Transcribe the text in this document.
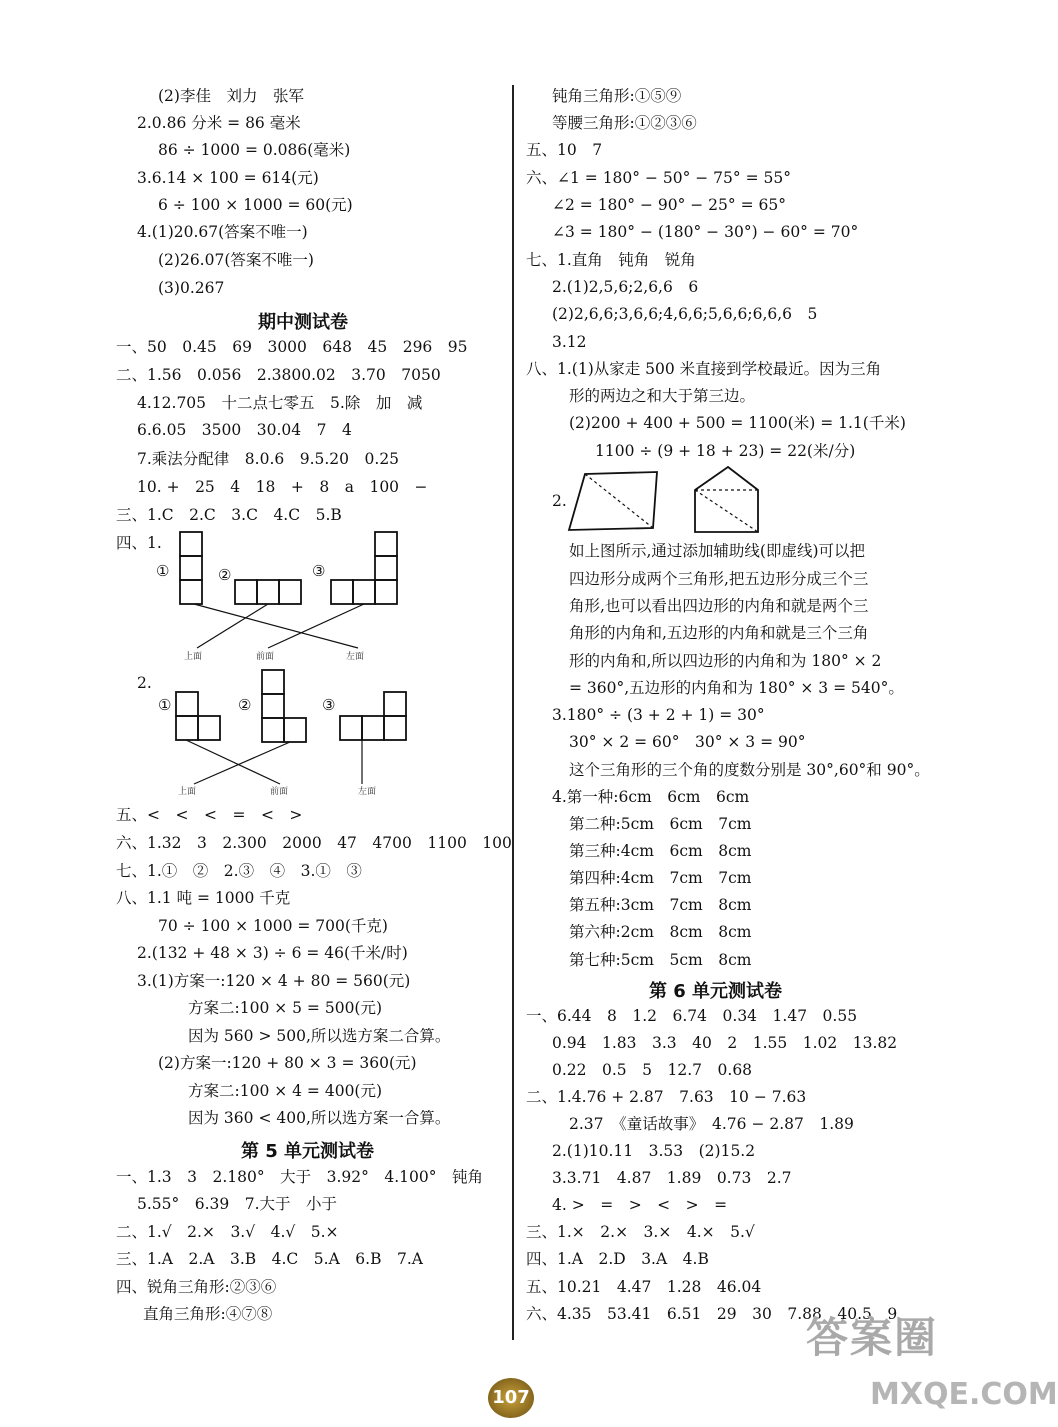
(2)李佳　刘力　张军
2.0.86 分米 = 86 毫米
86 ÷ 1000 = 0.086(毫米)
3.6.14 × 100 = 614(元)
6 ÷ 100 × 1000 = 60(元)
4.(1)20.67(答案不唯一)
(2)26.07(答案不唯一)
(3)0.267
期中测试卷
一、50　0.45　69　3000　648　45　296　95
二、1.56　0.056　2.3800.02　3.70　7050
4.12.705　十二点七零五　5.除　加　减
6.6.05　3500　30.04　7　4
7.乘法分配律　8.0.6　9.5.20　0.25
10. +　25　4　18　+　8　a　100　−
三、1.C　2.C　3.C　4.C　5.B
四、1.
①	②	③
上面	前面	左面
2.
①	②	③
上面	前面	左面
五、<　<　<　=　<　>
六、1.32　3　2.300　2000　47　4700　1100　100
七、1.①　②　2.③　④　3.①　③
八、1.1 吨 = 1000 千克
70 ÷ 100 × 1000 = 700(千克)
2.(132 + 48 × 3) ÷ 6 = 46(千米/时)
3.(1)方案一:120 × 4 + 80 = 560(元)
方案二:100 × 5 = 500(元)
因为 560 > 500,所以选方案二合算。
(2)方案一:120 + 80 × 3 = 360(元)
方案二:100 × 4 = 400(元)
因为 360 < 400,所以选方案一合算。
第 5 单元测试卷
一、1.3　3　2.180°　大于　3.92°　4.100°　钝角
5.55°　6.39　7.大于　小于
二、1.√　2.×　3.√　4.√　5.×
三、1.A　2.A　3.B　4.C　5.A　6.B　7.A
四、锐角三角形:②③⑥
直角三角形:④⑦⑧
钝角三角形:①⑤⑨
等腰三角形:①②③⑥
五、10　7
六、∠1 = 180° − 50° − 75° = 55°
∠2 = 180° − 90° − 25° = 65°
∠3 = 180° − (180° − 30°) − 60° = 70°
七、1.直角　钝角　锐角
2.(1)2,5,6;2,6,6　6
(2)2,6,6;3,6,6;4,6,6;5,6,6;6,6,6　5
3.12
八、1.(1)从家走 500 米直接到学校最近。因为三角
形的两边之和大于第三边。
(2)200 + 400 + 500 = 1100(米) = 1.1(千米)
1100 ÷ (9 + 18 + 23) = 22(米/分)
2.
如上图所示,通过添加辅助线(即虚线)可以把
四边形分成两个三角形,把五边形分成三个三
角形,也可以看出四边形的内角和就是两个三
角形的内角和,五边形的内角和就是三个三角
形的内角和,所以四边形的内角和为 180° × 2
= 360°,五边形的内角和为 180° × 3 = 540°。
3.180° ÷ (3 + 2 + 1) = 30°
30° × 2 = 60°　30° × 3 = 90°
这个三角形的三个角的度数分别是 30°,60°和 90°。
4.第一种:6cm　6cm　6cm
第二种:5cm　6cm　7cm
第三种:4cm　6cm　8cm
第四种:4cm　7cm　7cm
第五种:3cm　7cm　8cm
第六种:2cm　8cm　8cm
第七种:5cm　5cm　8cm
第 6 单元测试卷
一、6.44　8　1.2　6.74　0.34　1.47　0.55
0.94　1.83　3.3　40　2　1.55　1.02　13.82
0.22　0.5　5　12.7　0.68
二、1.4.76 + 2.87　7.63　10 − 7.63
2.37　《童话故事》　4.76 − 2.87　1.89
2.(1)10.11　3.53　(2)15.2
3.3.71　4.87　1.89　0.73　2.7
4. >　=　>　<　>　=
三、1.×　2.×　3.×　4.×　5.√
四、1.A　2.D　3.A　4.B
五、10.21　4.47　1.28　46.04
六、4.35　53.41　6.51　29　30　7.88　40.5　9
107
答案圈
MXQE.COM
